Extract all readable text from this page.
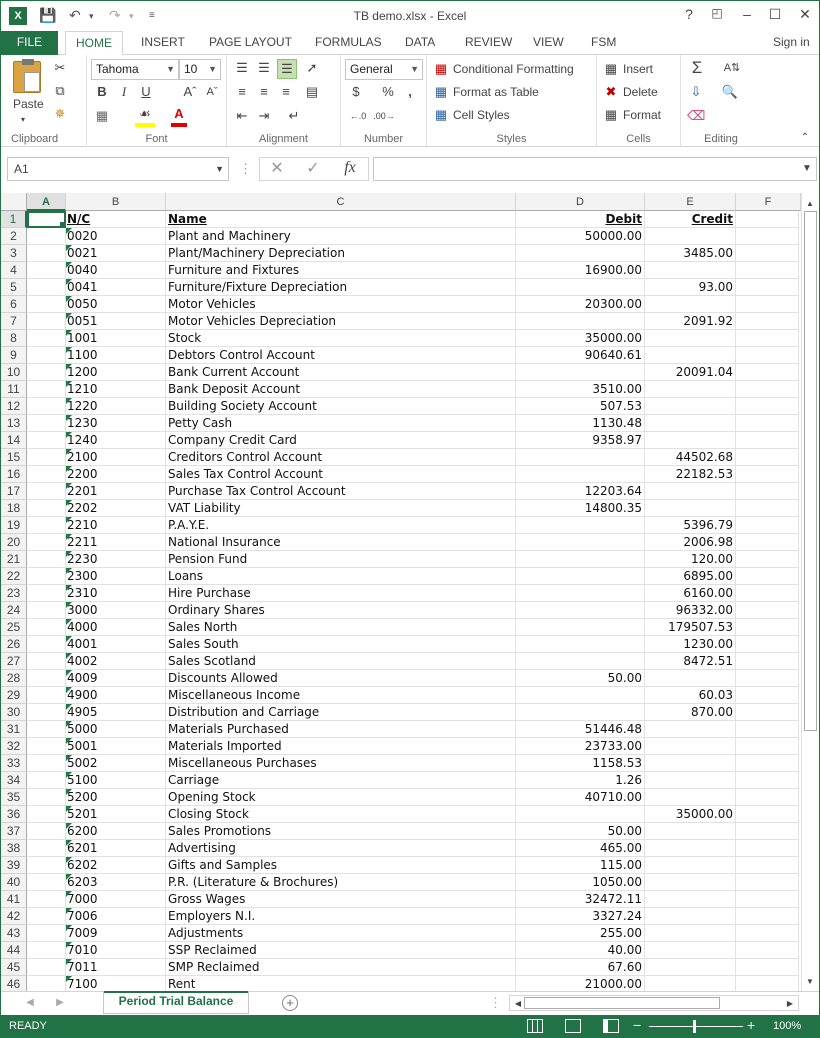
X	💾 ↶ ▾ ↷ ▾ ≡	TB demo.xlsx - Excel	?	◰	–	☐	✕
FILE	HOME	INSERT	PAGE LAYOUT	FORMULAS	DATA	REVIEW	VIEW	FSM	Sign in
Paste
▾
✂
⧉
✵
Clipboard
Tahoma	▼ 10 ▼
B	I	U	Aˆ Aˇ
▦	☙	A
Font
☰ ☰ ☰	➚
≡	≡	≡	▤
⇤ ⇥ ↵
Alignment
General ▼
$	%	,
←.0 .00→
Number
▦ Conditional Formatting
▦ Format as Table
▦ Cell Styles
Styles
▦ Insert
✖ Delete
▦ Format
Cells
Σ	A⇅
⇩ 🔍
⌫
Editing	⌃
A1	▼ ⋮ ✕ ✓	fx	▼
A	B	C	D	E	F
1	N/C	Name	Debit	Credit
0020	Plant and Machinery	50000.00
0021	Plant/Machinery Depreciation	3485.00
0040	Furniture and Fixtures	16900.00
0041	Furniture/Fixture Depreciation	93.00
0050	Motor Vehicles	20300.00
0051	Motor Vehicles Depreciation	2091.92
1001	Stock	35000.00
1100	Debtors Control Account	90640.61
1200	Bank Current Account	20091.04
1210	Bank Deposit Account	3510.00
1220	Building Society Account	507.53
1230	Petty Cash	1130.48
1240	Company Credit Card	9358.97
2100	Creditors Control Account	44502.68
2200	Sales Tax Control Account	22182.53
2201	Purchase Tax Control Account	12203.64
2202	VAT Liability	14800.35
2210	P.A.Y.E.	5396.79
2211	National Insurance	2006.98
2230	Pension Fund	120.00
2300	Loans	6895.00
2310	Hire Purchase	6160.00
3000	Ordinary Shares	96332.00
4000	Sales North	179507.53
4001	Sales South	1230.00
4002	Sales Scotland	8472.51
4009	Discounts Allowed	50.00
4900	Miscellaneous Income	60.03
4905	Distribution and Carriage	870.00
5000	Materials Purchased	51446.48
5001	Materials Imported	23733.00
5002	Miscellaneous Purchases	1158.53
5100	Carriage	1.26
5200	Opening Stock	40710.00
5201	Closing Stock	35000.00
6200	Sales Promotions	50.00
6201	Advertising	465.00
6202	Gifts and Samples	115.00
6203	P.R. (Literature & Brochures)	1050.00
7000	Gross Wages	32472.11
7006	Employers N.I.	3327.24
7009	Adjustments	255.00
7010	SSP Reclaimed	40.00
7011	SMP Reclaimed	67.60
7100	Rent	21000.00
2
3
4
5
6
7
8
9
10
11
12
13
14
15
16
17
18
19
20
21
22
23
24
25
26
27
28
29
30
31
32
33
34
35
36
37
38
39
40
41
42
43
44
45
46
▲
▼
◀	▶	Period Trial Balance	+	⋮	◀	▶
READY	−	+ 100%
